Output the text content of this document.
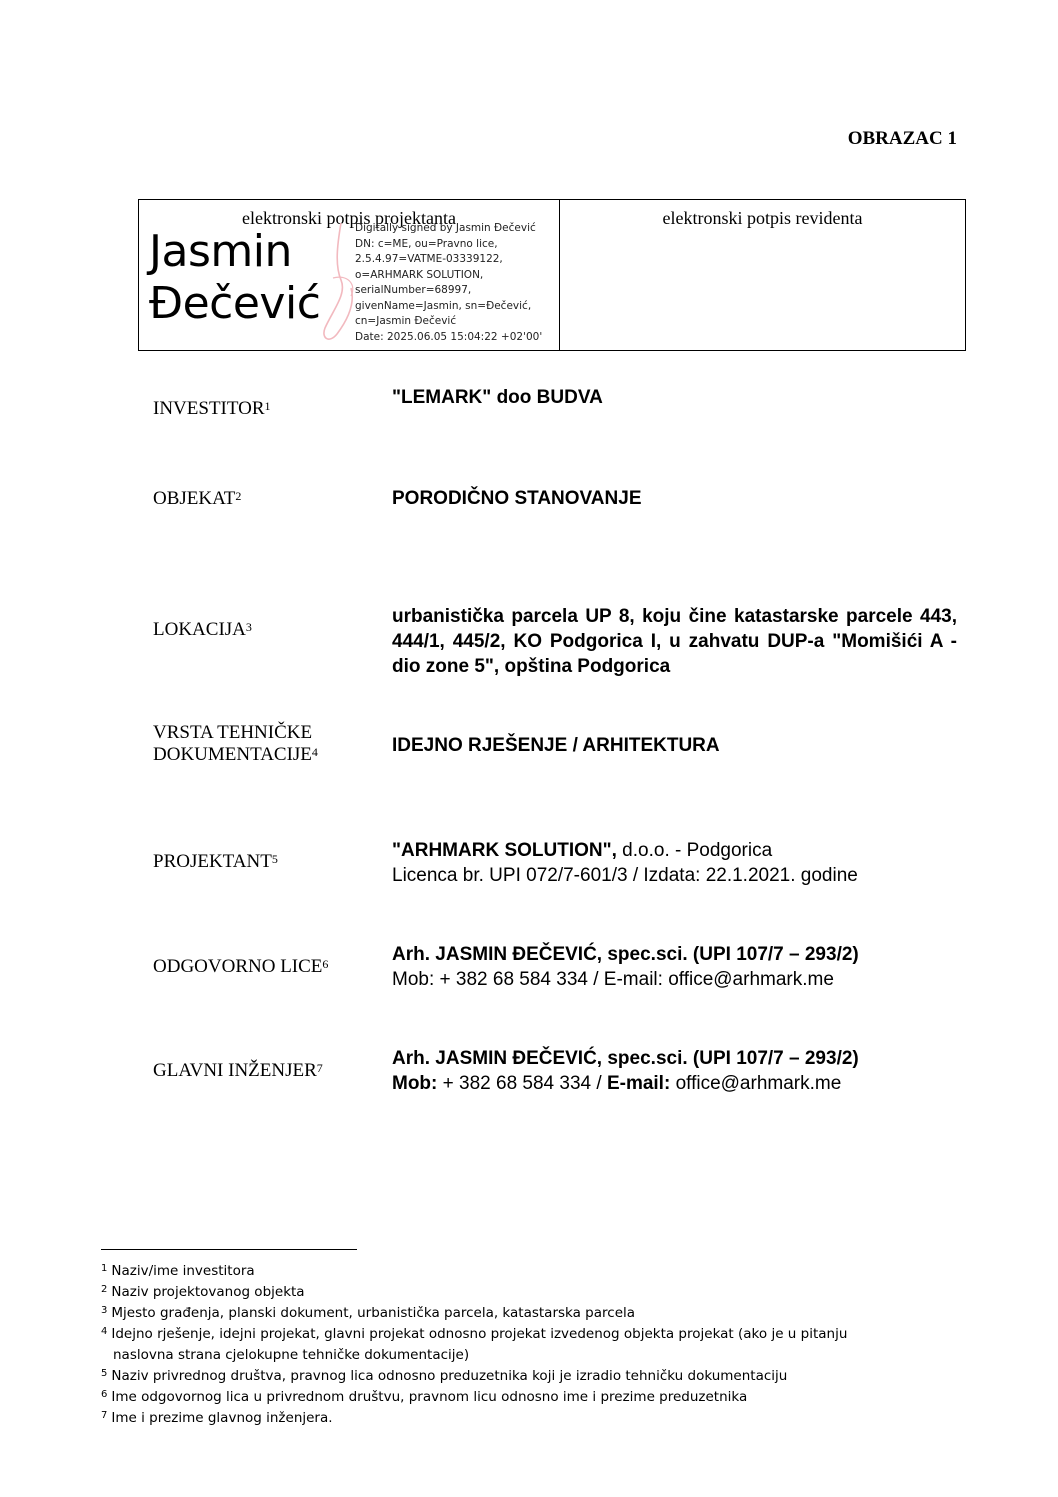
OBRAZAC 1
elektronski potpis projektanta
Jasmin
Đečević
Digitally signed by Jasmin Đečević
DN: c=ME, ou=Pravno lice,
2.5.4.97=VATME-03339122,
o=ARHMARK SOLUTION,
serialNumber=68997,
givenName=Jasmin, sn=Đečević,
cn=Jasmin Đečević
Date: 2025.06.05 15:04:22 +02'00'
elektronski potpis revidenta
INVESTITOR$^1$	"LEMARK" doo BUDVA
OBJEKAT$^2$	PORODIČNO STANOVANJE
LOKACIJA$^3$	urbanistička parcela UP 8, koju čine katastarske parcele 443, 444/1, 445/2, KO Podgorica I, u zahvatu DUP-a "Momišići A - dio zone 5", opština Podgorica
VRSTA TEHNIČKE
DOKUMENTACIJE$^4$	IDEJNO RJEŠENJE / ARHITEKTURA
PROJEKTANT$^5$	"ARHMARK SOLUTION", d.o.o. - Podgorica
Licenca br. UPI 072/7-601/3 / Izdata: 22.1.2021. godine
ODGOVORNO LICE$^6$	Arh. JASMIN ĐEČEVIĆ, spec.sci. (UPI 107/7 – 293/2)
Mob: + 382 68 584 334 / E-mail: office@arhmark.me
GLAVNI INŽENJER$^7$	Arh. JASMIN ĐEČEVIĆ, spec.sci. (UPI 107/7 – 293/2)
Mob: + 382 68 584 334 / E-mail: office@arhmark.me
$^1$ Naziv/ime investitora
$^2$ Naziv projektovanog objekta
$^3$ Mjesto građenja, planski dokument, urbanistička parcela, katastarska parcela
$^4$ Idejno rješenje, idejni projekat, glavni projekat odnosno projekat izvedenog objekta projekat (ako je u pitanju
naslovna strana cjelokupne tehničke dokumentacije)
$^5$ Naziv privrednog društva, pravnog lica odnosno preduzetnika koji je izradio tehničku dokumentaciju
$^6$ Ime odgovornog lica u privrednom društvu, pravnom licu odnosno ime i prezime preduzetnika
$^7$ Ime i prezime glavnog inženjera.
